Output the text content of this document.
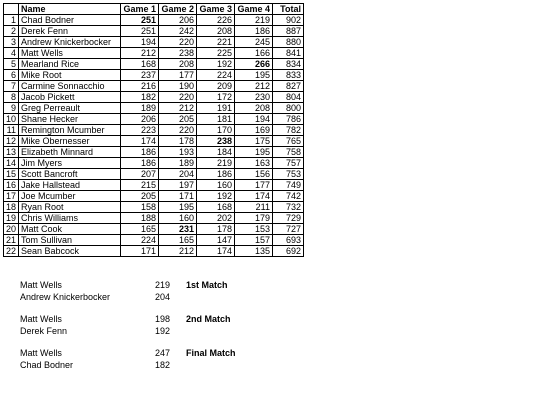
	Name	Game 1	Game 2	Game 3	Game 4	Total
1	Chad Bodner	251	206	226	219	902
2	Derek Fenn	251	242	208	186	887
3	Andrew Knickerbocker	194	220	221	245	880
4	Matt Wells	212	238	225	166	841
5	Mearland Rice	168	208	192	266	834
6	Mike Root	237	177	224	195	833
7	Carmine Sonnacchio	216	190	209	212	827
8	Jacob Pickett	182	220	172	230	804
9	Greg Perreault	189	212	191	208	800
10	Shane Hecker	206	205	181	194	786
11	Remington Mcumber	223	220	170	169	782
12	Mike Obernesser	174	178	238	175	765
13	Elizabeth Minnard	186	193	184	195	758
14	Jim Myers	186	189	219	163	757
15	Scott Bancroft	207	204	186	156	753
16	Jake Hallstead	215	197	160	177	749
17	Joe Mcumber	205	171	192	174	742
18	Ryan Root	158	195	168	211	732
19	Chris Williams	188	160	202	179	729
20	Matt Cook	165	231	178	153	727
21	Tom Sullivan	224	165	147	157	693
22	Sean Babcock	171	212	174	135	692
Matt Wells	219 1st Match
Andrew Knickerbocker	204
Matt Wells	198 2nd Match
Derek Fenn	192
Matt Wells	247 Final Match
Chad Bodner	182
